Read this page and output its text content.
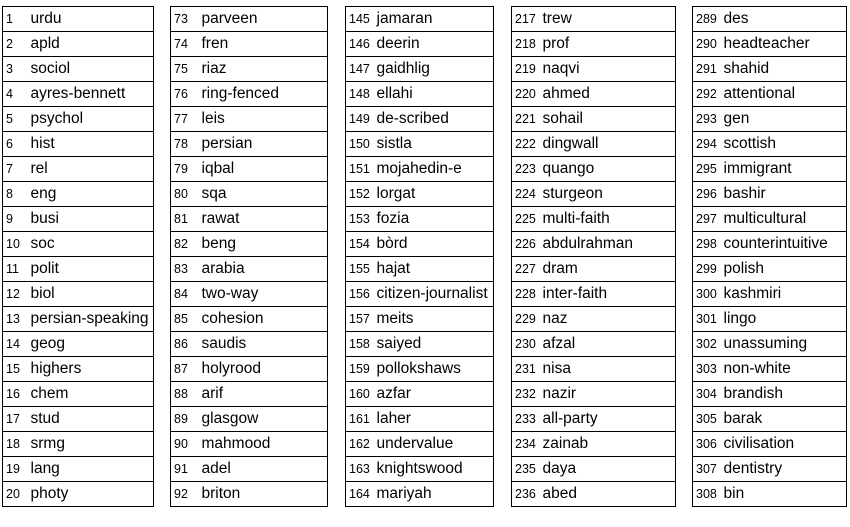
1	urdu
2	apld
3	sociol
4	ayres-bennett
5	psychol
6	hist
7	rel
8	eng
9	busi
10	soc
11	polit
12	biol
13	persian-speaking
14	geog
15	highers
16	chem
17	stud
18	srmg
19	lang
20	photy
73	parveen
74	fren
75	riaz
76	ring-fenced
77	leis
78	persian
79	iqbal
80	sqa
81	rawat
82	beng
83	arabia
84	two-way
85	cohesion
86	saudis
87	holyrood
88	arif
89	glasgow
90	mahmood
91	adel
92	briton
145	jamaran
146	deerin
147	gaidhlig
148	ellahi
149	de-scribed
150	sistla
151	mojahedin-e
152	lorgat
153	fozia
154	bòrd
155	hajat
156	citizen-journalist
157	meits
158	saiyed
159	pollokshaws
160	azfar
161	laher
162	undervalue
163	knightswood
164	mariyah
217	trew
218	prof
219	naqvi
220	ahmed
221	sohail
222	dingwall
223	quango
224	sturgeon
225	multi-faith
226	abdulrahman
227	dram
228	inter-faith
229	naz
230	afzal
231	nisa
232	nazir
233	all-party
234	zainab
235	daya
236	abed
289	des
290	headteacher
291	shahid
292	attentional
293	gen
294	scottish
295	immigrant
296	bashir
297	multicultural
298	counterintuitive
299	polish
300	kashmiri
301	lingo
302	unassuming
303	non-white
304	brandish
305	barak
306	civilisation
307	dentistry
308	bin
